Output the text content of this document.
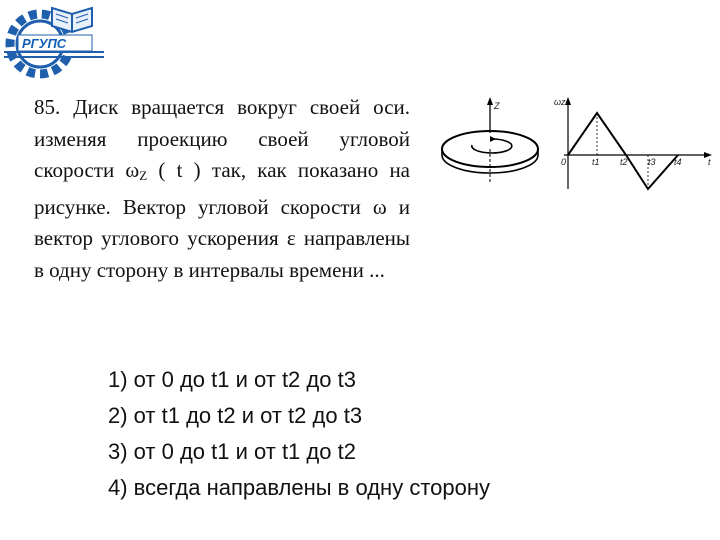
РГУПС
85. Диск вращается вокруг своей оси. изменяя проекцию своей угловой скорости $\omega_Z$ ( t ) так, как показано на рисунке. Вектор угловой скорости ω и вектор углового ускорения ε направлены в одну сторону в интервалы времени ...
Z	ωz
t
0	t1 t2 t3 t4
1) от 0 до t1 и от t2 до t3
2) от t1 до t2 и от t2 до t3
3) от 0 до t1 и от t1 до t2
4) всегда направлены в одну сторону
